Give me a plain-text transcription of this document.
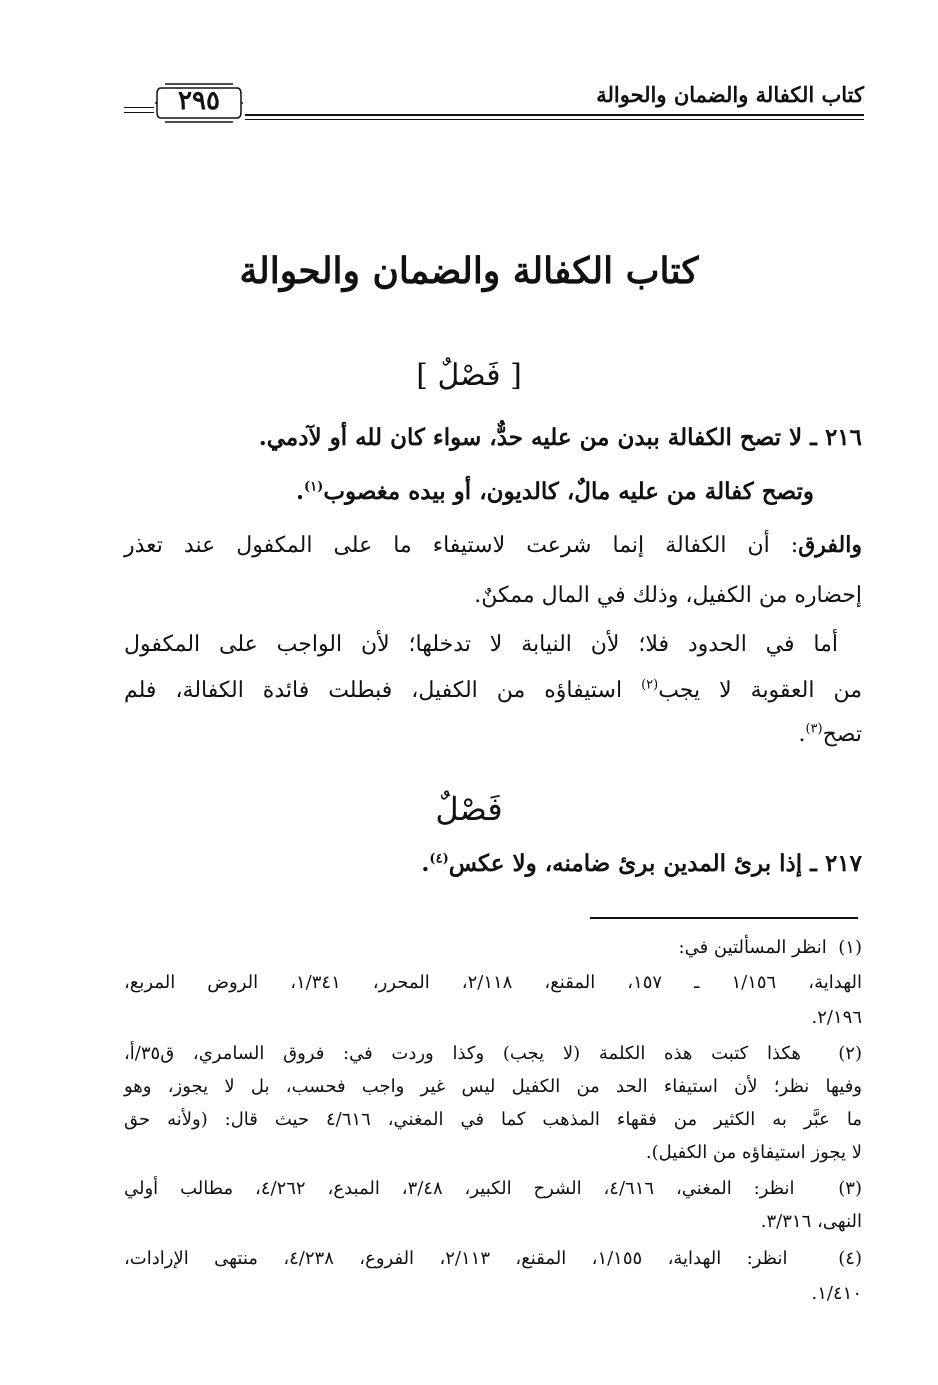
كتاب الكفالة والضمان والحوالة
٢٩٥
كتاب الكفالة والضمان والحوالة
[ فَصْلٌ ]
٢١٦ ـ لا تصح الكفالة ببدن من عليه حدٌّ، سواء كان لله أو لآدمي.
وتصح كفالة من عليه مالٌ، كالديون، أو بيده مغصوب$^{(١)}$.
والفرق: أن الكفالة إنما شرعت لاستيفاء ما على المكفول عند تعذر
إحضاره من الكفيل، وذلك في المال ممكنٌ.
أما في الحدود فلا؛ لأن النيابة لا تدخلها؛ لأن الواجب على المكفول
من العقوبة لا يجب$^{(٢)}$ استيفاؤه من الكفيل، فبطلت فائدة الكفالة، فلم
تصح$^{(٣)}$.
فَصْلٌ
٢١٧ ـ إذا برئ المدين برئ ضامنه، ولا عكس$^{(٤)}$.
(١)  انظر المسألتين في:
الهداية، ١/١٥٦ ـ ١٥٧، المقنع، ٢/١١٨، المحرر، ١/٣٤١، الروض المربع،
٢/١٩٦.
(٢)  هكذا كتبت هذه الكلمة (لا يجب) وكذا وردت في: فروق السامري، ق٣٥/أ،
وفيها نظر؛ لأن استيفاء الحد من الكفيل ليس غير واجب فحسب، بل لا يجوز، وهو
ما عبَّر به الكثير من فقهاء المذهب كما في المغني، ٤/٦١٦ حيث قال: (ولأنه حق
لا يجوز استيفاؤه من الكفيل).
(٣)  انظر: المغني، ٤/٦١٦، الشرح الكبير، ٣/٤٨، المبدع، ٤/٢٦٢، مطالب أولي
النهى، ٣/٣١٦.
(٤)  انظر: الهداية، ١/١٥٥، المقنع، ٢/١١٣، الفروع، ٤/٢٣٨، منتهى الإرادات،
١/٤١٠.
